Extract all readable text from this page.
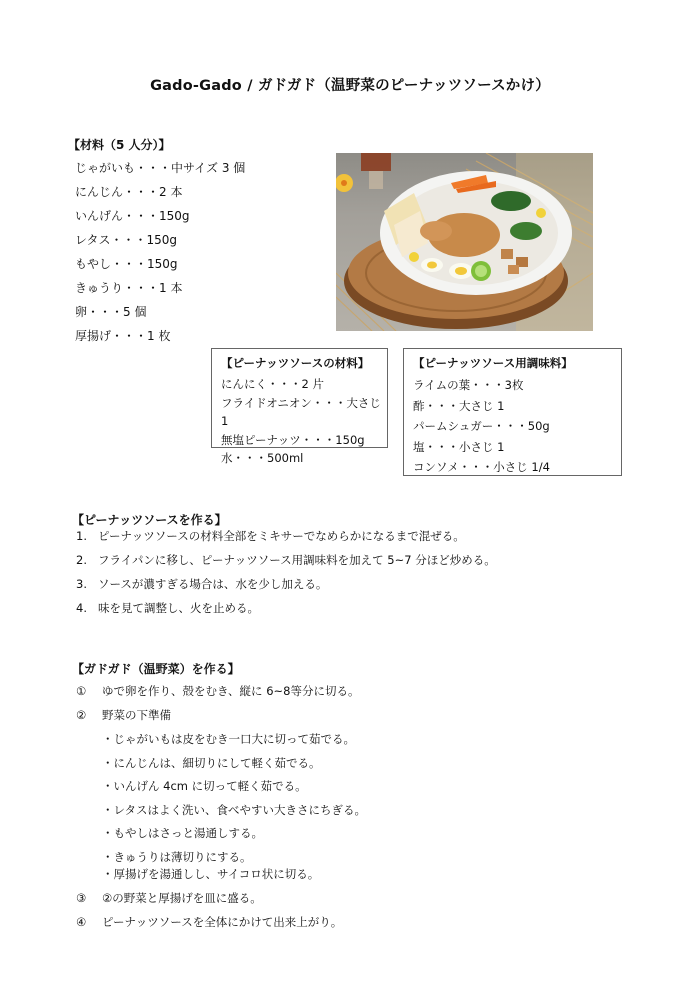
Gado-Gado / ガドガド（温野菜のピーナッツソースかけ）
【材料（5 人分）】
じゃがいも・・・中サイズ 3 個
にんじん・・・2 本
いんげん・・・150g
レタス・・・150g
もやし・・・150g
きゅうり・・・1 本
卵・・・5 個
厚揚げ・・・1 枚
【ピーナッツソースの材料】
にんにく・・・2 片
フライドオニオン・・・大さじ1
無塩ピーナッツ・・・150g
水・・・500ml
【ピーナッツソース用調味料】
ライムの葉・・・3枚
酢・・・大さじ 1
パームシュガー・・・50g
塩・・・小さじ 1
コンソメ・・・小さじ 1/4
【ピーナッツソースを作る】
1. ピーナッツソースの材料全部をミキサーでなめらかになるまで混ぜる。
2. フライパンに移し、ピーナッツソース用調味料を加えて 5~7 分ほど炒める。
3. ソースが濃すぎる場合は、水を少し加える。
4. 味を見て調整し、火を止める。
【ガドガド（温野菜）を作る】
① ゆで卵を作り、殻をむき、縦に 6~8等分に切る。
② 野菜の下準備
・じゃがいもは皮をむき一口大に切って茹でる。
・にんじんは、細切りにして軽く茹でる。
・いんげん 4cm に切って軽く茹でる。
・レタスはよく洗い、食べやすい大きさにちぎる。
・もやしはさっと湯通しする。
・きゅうりは薄切りにする。
・厚揚げを湯通しし、サイコロ状に切る。
③ ②の野菜と厚揚げを皿に盛る。
④ ピーナッツソースを全体にかけて出来上がり。
